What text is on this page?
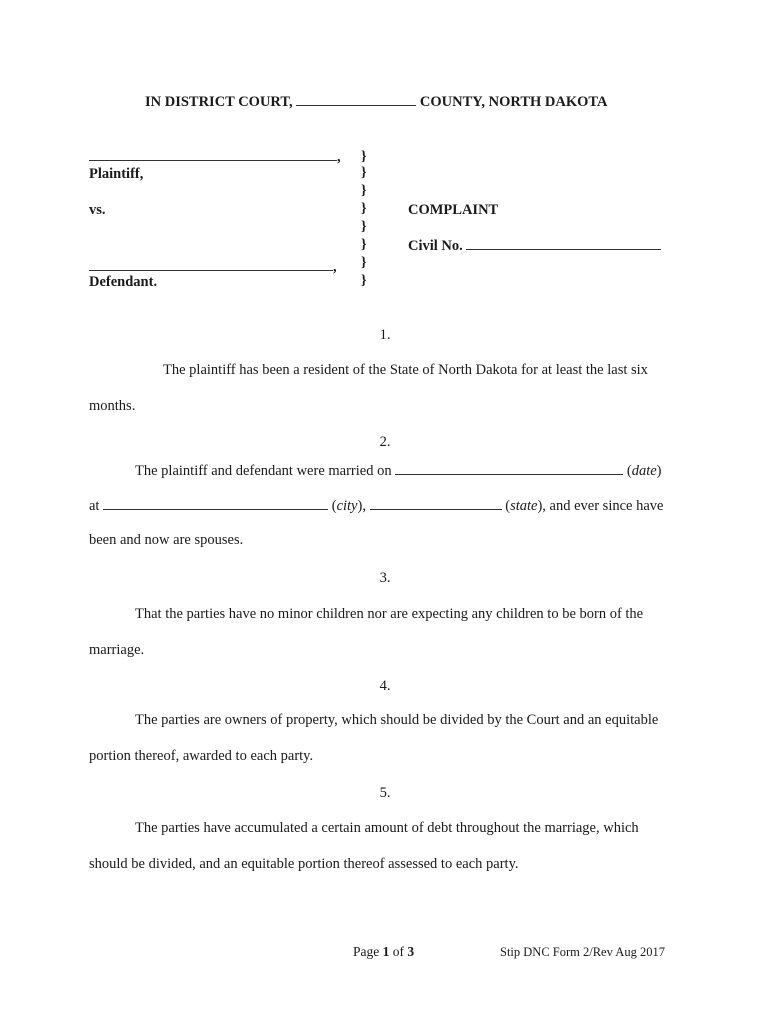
IN DISTRICT COURT,	COUNTY, NORTH DAKOTA
,
Plaintiff,
vs.
,
Defendant.
}
}
}
}
}
}
}
}
COMPLAINT
Civil No.
1.
The plaintiff has been a resident of the State of North Dakota for at least the last six
months.
2.
The plaintiff and defendant were married on	(date)
at	(city),	(state), and ever since have
been and now are spouses.
3.
That the parties have no minor children nor are expecting any children to be born of the
marriage.
4.
The parties are owners of property, which should be divided by the Court and an equitable
portion thereof, awarded to each party.
5.
The parties have accumulated a certain amount of debt throughout the marriage, which
should be divided, and an equitable portion thereof assessed to each party.
Page 1 of 3	Stip DNC Form 2/Rev Aug 2017
